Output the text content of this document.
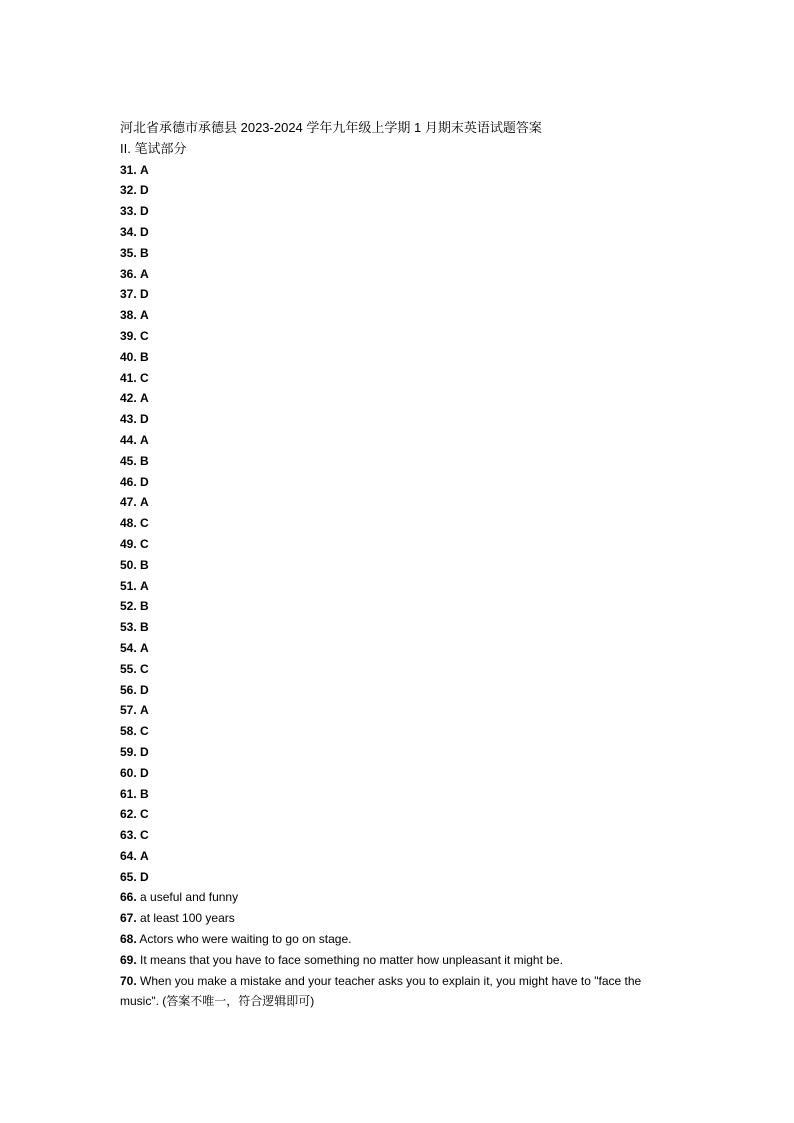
河北省承德市承德县 2023-2024 学年九年级上学期 1 月期末英语试题答案
II. 笔试部分
31. A
32. D
33. D
34. D
35. B
36. A
37. D
38. A
39. C
40. B
41. C
42. A
43. D
44. A
45. B
46. D
47. A
48. C
49. C
50. B
51. A
52. B
53. B
54. A
55. C
56. D
57. A
58. C
59. D
60. D
61. B
62. C
63. C
64. A
65. D
66. a useful and funny
67. at least 100 years
68. Actors who were waiting to go on stage.
69. It means that you have to face something no matter how unpleasant it might be.
70. When you make a mistake and your teacher asks you to explain it, you might have to "face the music". (答案不唯一，符合逻辑即可)
